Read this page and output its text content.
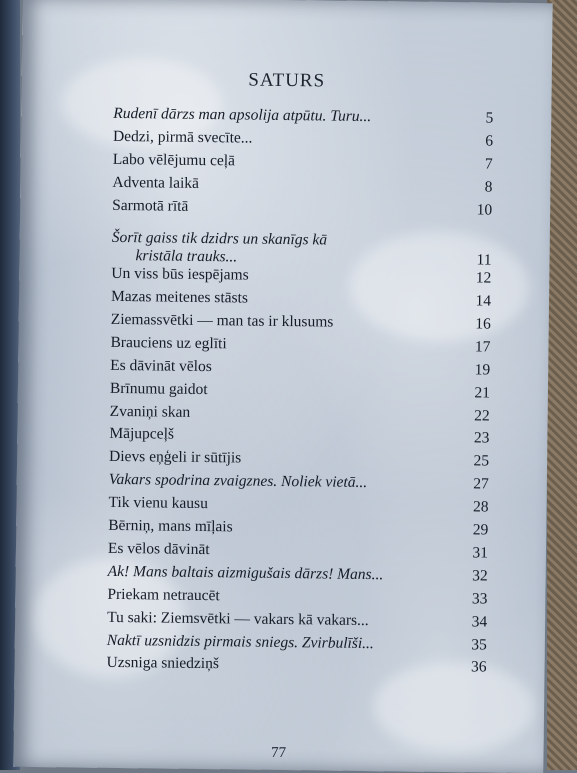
SATURS
Rudenī dārzs man apsolija atpūtu. Turu...	5
Dedzi, pirmā svecīte...	6
Labo vēlējumu ceļā	7
Adventa laikā	8
Sarmotā rītā	10
Šorīt gaiss tik dzidrs un skanīgs kā
kristāla trauks...	11
Un viss būs iespējams	12
Mazas meitenes stāsts	14
Ziemassvētki — man tas ir klusums	16
Brauciens uz eglīti	17
Es dāvināt vēlos	19
Brīnumu gaidot	21
Zvaniņi skan	22
Mājupceļš	23
Dievs eņģeli ir sūtījis	25
Vakars spodrina zvaigznes. Noliek vietā...	27
Tik vienu kausu	28
Bērniņ, mans mīļais	29
Es vēlos dāvināt	31
Ak! Mans baltais aizmigušais dārzs! Mans...	32
Priekam netraucēt	33
Tu saki: Ziemsvētki — vakars kā vakars...	34
Naktī uzsnidzis pirmais sniegs. Zvirbulīši...	35
Uzsniga sniedziņš	36
77
